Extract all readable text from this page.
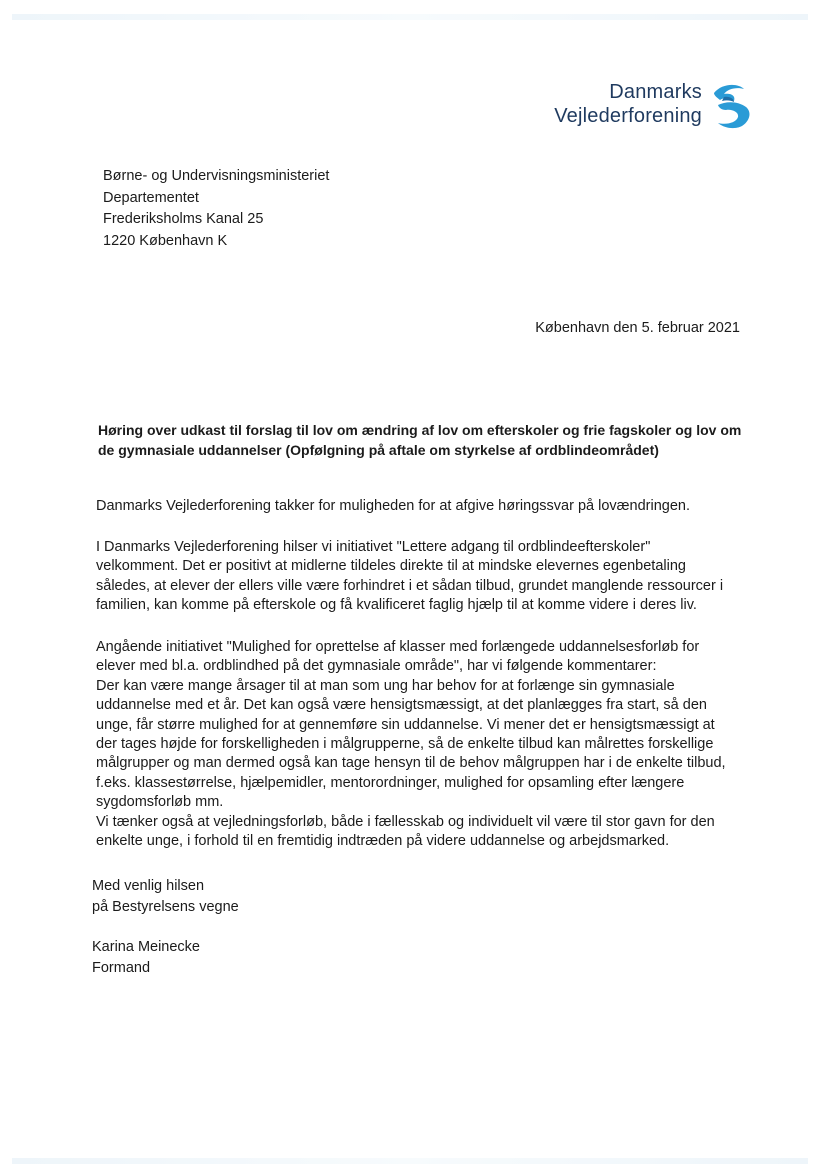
Danmarks
Vejlederforening
Børne- og Undervisningsministeriet
Departementet
Frederiksholms Kanal 25
1220 København K
København den 5. februar 2021
Høring over udkast til forslag til lov om ændring af lov om efterskoler og frie fagskoler og lov om de gymnasiale uddannelser (Opfølgning på aftale om styrkelse af ordblindeområdet)
Danmarks Vejlederforening takker for muligheden for at afgive høringssvar på lovændringen.
I Danmarks Vejlederforening hilser vi initiativet "Lettere adgang til ordblindeefterskoler"
velkomment. Det er positivt at midlerne tildeles direkte til at mindske elevernes egenbetaling
således, at elever der ellers ville være forhindret i et sådan tilbud, grundet manglende ressourcer i
familien, kan komme på efterskole og få kvalificeret faglig hjælp til at komme videre i deres liv.
Angående initiativet "Mulighed for oprettelse af klasser med forlængede uddannelsesforløb for
elever med bl.a. ordblindhed på det gymnasiale område", har vi følgende kommentarer:
Der kan være mange årsager til at man som ung har behov for at forlænge sin gymnasiale
uddannelse med et år. Det kan også være hensigtsmæssigt, at det planlægges fra start, så den
unge, får større mulighed for at gennemføre sin uddannelse. Vi mener det er hensigtsmæssigt at
der tages højde for forskelligheden i målgrupperne, så de enkelte tilbud kan målrettes forskellige
målgrupper og man dermed også kan tage hensyn til de behov målgruppen har i de enkelte tilbud,
f.eks. klassestørrelse, hjælpemidler, mentorordninger, mulighed for opsamling efter længere
sygdomsforløb mm.
Vi tænker også at vejledningsforløb, både i fællesskab og individuelt vil være til stor gavn for den
enkelte unge, i forhold til en fremtidig indtræden på videre uddannelse og arbejdsmarked.
Med venlig hilsen
på Bestyrelsens vegne
Karina Meinecke
Formand
